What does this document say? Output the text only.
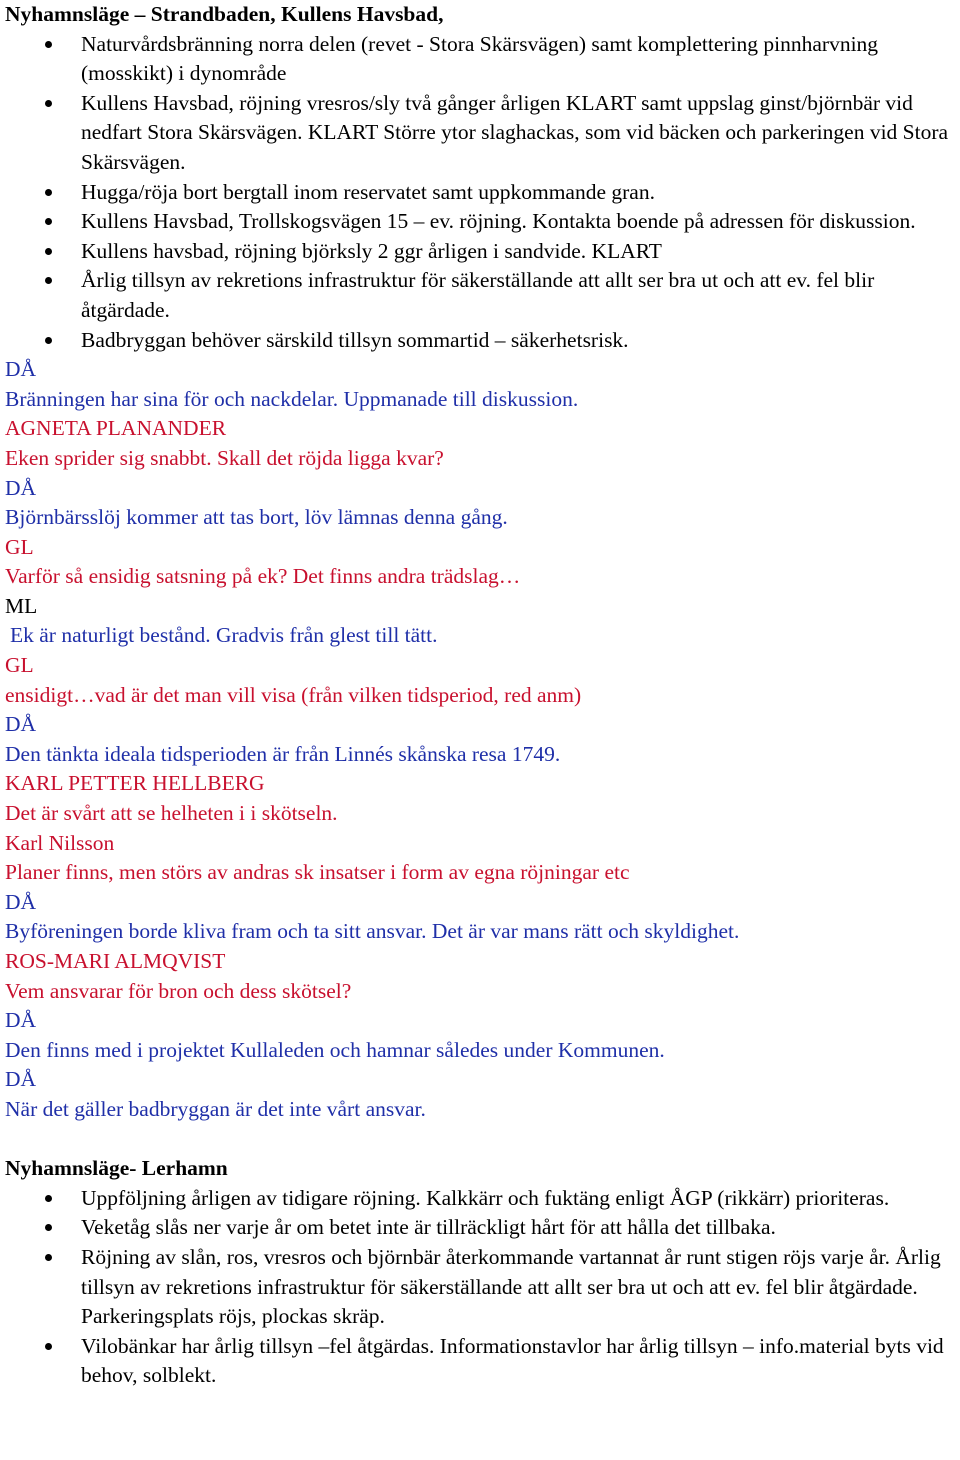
Nyhamnsläge – Strandbaden, Kullens Havsbad,
Naturvårdsbränning norra delen (revet - Stora Skärsvägen) samt komplettering pinnharvning (mosskikt) i dynområde
Kullens Havsbad, röjning vresros/sly två gånger årligen KLART samt uppslag ginst/björnbär vid nedfart Stora Skärsvägen. KLART Större ytor slaghackas, som vid bäcken och parkeringen vid Stora Skärsvägen.
Hugga/röja bort bergtall inom reservatet samt uppkommande gran.
Kullens Havsbad, Trollskogsvägen 15 – ev. röjning. Kontakta boende på adressen för diskussion.
Kullens havsbad, röjning björksly 2 ggr årligen i sandvide. KLART
Årlig tillsyn av rekretions infrastruktur för säkerställande att allt ser bra ut och att ev. fel blir åtgärdade.
Badbryggan behöver särskild tillsyn sommartid – säkerhetsrisk.

DÅ

Bränningen har sina för och nackdelar. Uppmanade till diskussion.

AGNETA PLANANDER

Eken sprider sig snabbt. Skall det röjda ligga kvar?

DÅ

Björnbärsslöj kommer att tas bort, löv lämnas denna gång.

GL

Varför så ensidig satsning på ek? Det finns andra trädslag…

ML

Ek är naturligt bestånd. Gradvis från glest till tätt.

GL

ensidigt…vad är det man vill visa (från vilken tidsperiod, red anm)

DÅ

Den tänkta ideala tidsperioden är från Linnés skånska resa 1749.

KARL PETTER HELLBERG

Det är svårt att se helheten i i skötseln.

Karl Nilsson

Planer finns, men störs av andras sk insatser i form av egna röjningar etc

DÅ

Byföreningen borde kliva fram och ta sitt ansvar. Det är var mans rätt och skyldighet.

ROS-MARI ALMQVIST

Vem ansvarar för bron och dess skötsel?

DÅ

Den finns med i projektet Kullaleden och hamnar således under Kommunen.

DÅ

När det gäller badbryggan är det inte vårt ansvar.

Nyhamnsläge- Lerhamn
Uppföljning årligen av tidigare röjning. Kalkkärr och fuktäng enligt ÅGP (rikkärr) prioriteras.
Veketåg slås ner varje år om betet inte är tillräckligt hårt för att hålla det tillbaka.
Röjning av slån, ros, vresros och björnbär återkommande vartannat år runt stigen röjs varje år. Årlig tillsyn av rekretions infrastruktur för säkerställande att allt ser bra ut och att ev. fel blir åtgärdade. Parkeringsplats röjs, plockas skräp.
Vilobänkar har årlig tillsyn –fel åtgärdas. Informationstavlor har årlig tillsyn – info.material byts vid behov, solblekt.
